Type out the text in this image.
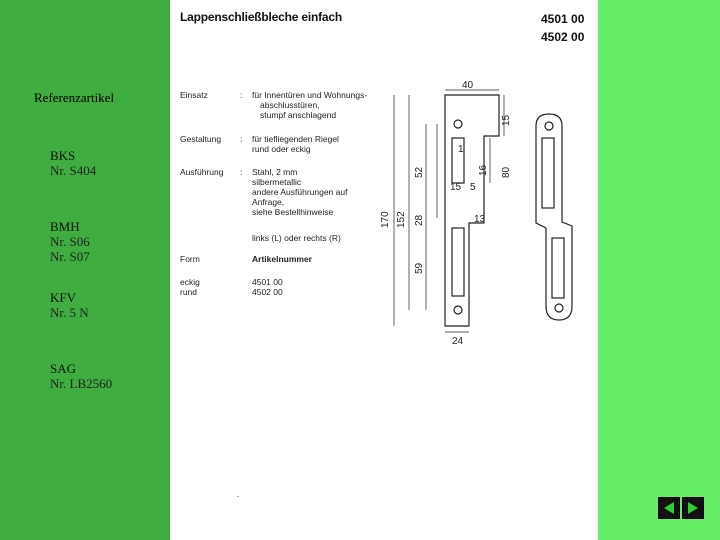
Referenzartikel
BKS
Nr. S404
BMH
Nr. S06
Nr. S07
KFV
Nr. 5 N
SAG
Nr. LB2560
Lappenschließbleche einfach	4501 00
4502 00
Einsatz	: für Innentüren und Wohnungs-
abschlusstüren,
stumpf anschlagend
Gestaltung : für tiefliegenden Riegel
rund oder eckig
Ausführung : Stahl, 2 mm
silbermetallic
andere Ausführungen auf
Anfrage,
siehe Bestellhinweise
links (L) oder rechts (R)
Form	Artikelnummer
eckig	4501 00
rund	4502 00
40
1
15 5
13
24
170 152
52
28
59
16 80
15
